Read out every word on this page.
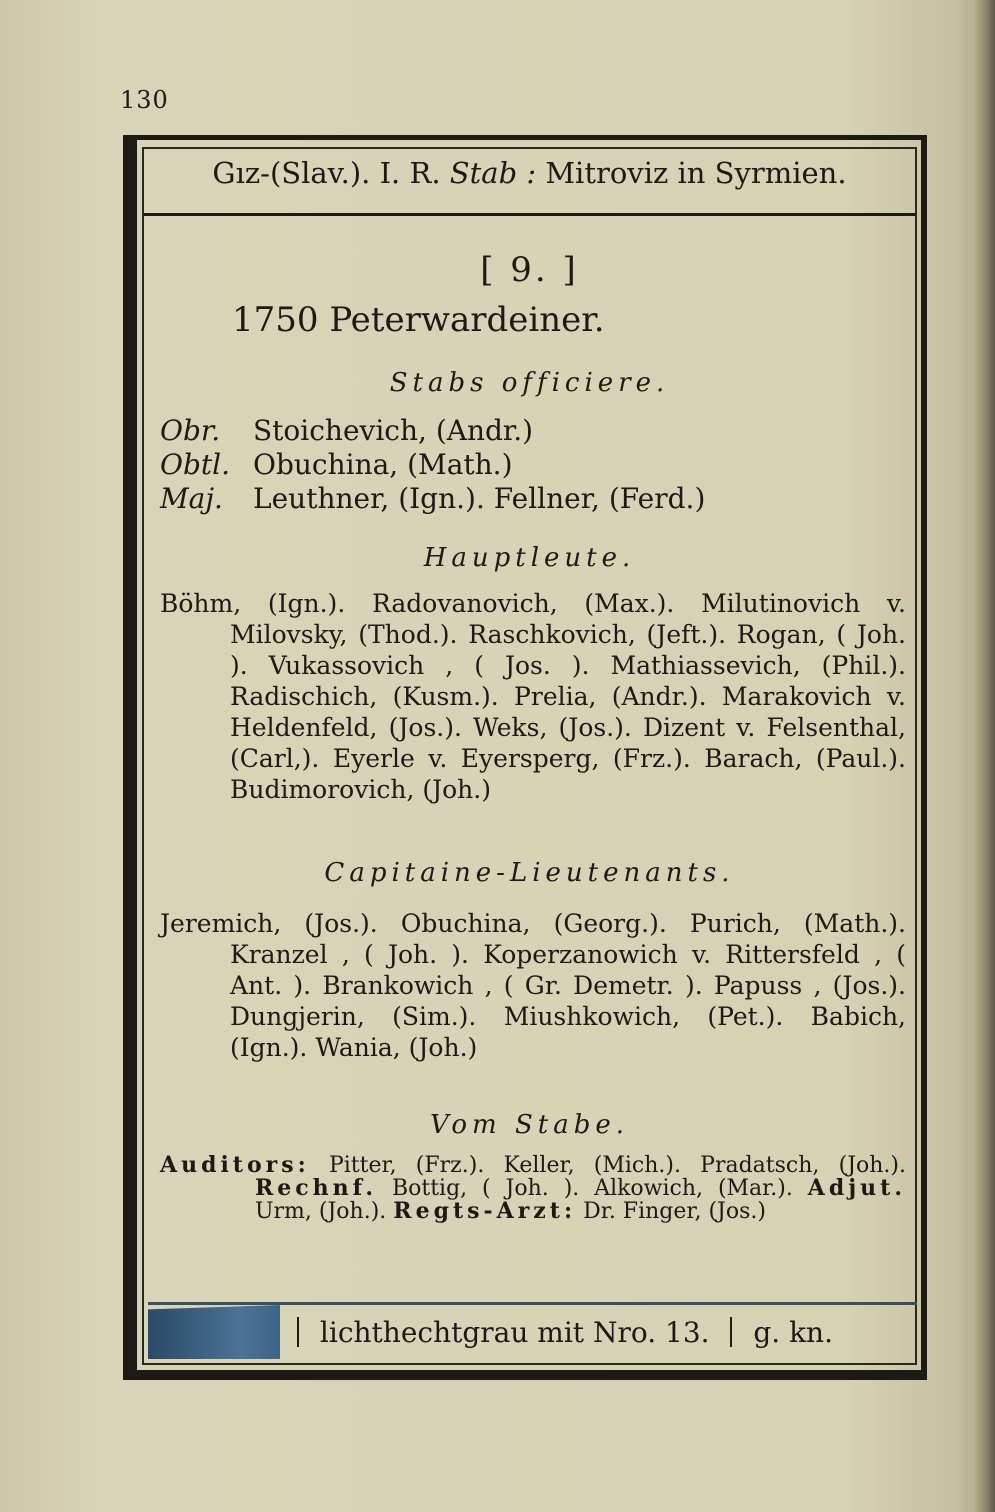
130
Gız-(Slav.). I. R. Stab : Mitroviz in Syrmien.
[ 9. ]
1750 Peterwardeiner.
Stabs officiere.
Obr. Stoichevich, (Andr.)
Obtl. Obuchina, (Math.)
Maj. Leuthner, (Ign.). Fellner, (Ferd.)
Hauptleute.
Böhm, (Ign.). Radovanovich, (Max.). Milutinovich v. Milovsky, (Thod.). Raschkovich, (Jeft.). Rogan, ( Joh. ). Vukassovich , ( Jos. ). Mathiassevich, (Phil.). Radischich, (Kusm.). Prelia, (Andr.). Marakovich v. Heldenfeld, (Jos.). Weks, (Jos.). Dizent v. Felsenthal, (Carl,). Eyerle v. Eyersperg, (Frz.). Barach, (Paul.). Budimorovich, (Joh.)
Capitaine-Lieutenants.
Jeremich, (Jos.). Obuchina, (Georg.). Purich, (Math.). Kranzel , ( Joh. ). Koperzanowich v. Rittersfeld , ( Ant. ). Brankowich , ( Gr. Demetr. ). Papuss , (Jos.). Dungjerin, (Sim.). Miushkowich, (Pet.). Babich, (Ign.). Wania, (Joh.)
Vom Stabe.
Auditors: Pitter, (Frz.). Keller, (Mich.). Pradatsch, (Joh.). Rechnf. Bottig, ( Joh. ). Alkowich, (Mar.). Adjut. Urm, (Joh.). Regts-Arzt: Dr. Finger, (Jos.)
lichthechtgrau mit Nro. 13. g. kn.
